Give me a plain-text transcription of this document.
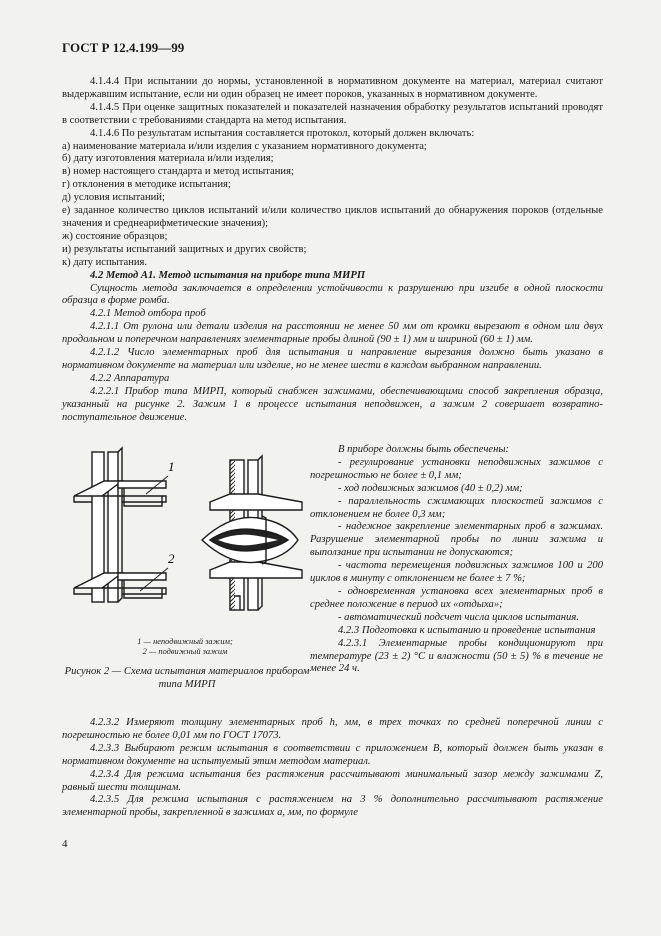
ГОСТ Р 12.4.199—99

4.1.4.4 При испытании до нормы, установленной в нормативном документе на материал, материал считают выдержавшим испытание, если ни один образец не имеет пороков, указанных в нормативном документе.

4.1.4.5 При оценке защитных показателей и показателей назначения обработку результатов испытаний проводят в соответствии с требованиями стандарта на метод испытания.

4.1.4.6 По результатам испытания составляется протокол, который должен включать:

а) наименование материала и/или изделия с указанием нормативного документа;

б) дату изготовления материала и/или изделия;

в) номер настоящего стандарта и метод испытания;

г) отклонения в методике испытания;

д) условия испытаний;

е) заданное количество циклов испытаний и/или количество циклов испытаний до обнаружения пороков (отдельные значения и среднеарифметические значения);

ж) состояние образцов;

и) результаты испытаний защитных и других свойств;

к) дату испытания.

4.2 Метод А1. Метод испытания на приборе типа МИРП

Сущность метода заключается в определении устойчивости к разрушению при изгибе в одной плоскости образца в форме ромба.

4.2.1 Метод отбора проб

4.2.1.1 От рулона или детали изделия на расстоянии не менее 50 мм от кромки вырезают в одном или двух продольном и поперечном направлениях элементарные пробы длиной (90 ± 1) мм и шириной (60 ± 1) мм.

4.2.1.2 Число элементарных проб для испытания и направление вырезания должно быть указано в нормативном документе на материал или изделие, но не менее шести в каждом выбранном направлении.

4.2.2 Аппаратура

4.2.2.1 Прибор типа МИРП, который снабжен зажимами, обеспечивающими способ закрепления образца, указанный на рисунке 2. Зажим 1 в процессе испытания неподвижен, а зажим 2 совершает возвратно-поступательное движение.

1
2
1 — неподвижный зажим;
2 — подвижный зажим
Рисунок 2 — Схема испытания материалов прибором типа МИРП

В приборе должны быть обеспечены:

- регулирование установки неподвижных зажимов с погрешностью не более ± 0,1 мм;

- ход подвижных зажимов (40 ± 0,2) мм;

- параллельность сжимающих плоскостей зажимов с отклонением не более 0,3 мм;

- надежное закрепление элементарных проб в зажимах. Разрушение элементарной пробы по линии зажима и выползание при испытании не допускаются;

- частота перемещения подвижных зажимов 100 и 200 циклов в минуту с отклонением не более ± 7 %;

- одновременная установка всех элементарных проб в среднее положение в период их «отдыха»;

- автоматический подсчет числа циклов испытания.

4.2.3 Подготовка к испытанию и проведение испытания

4.2.3.1 Элементарные пробы кондиционируют при температуре (23 ± 2) °С и влажности (50 ± 5) % в течение не менее 24 ч.

4.2.3.2 Измеряют толщину элементарных проб h, мм, в трех точках по средней поперечной линии с погрешностью не более 0,01 мм по ГОСТ 17073.

4.2.3.3 Выбирают режим испытания в соответствии с приложением В, который должен быть указан в нормативном документе на испытуемый этим методом материал.

4.2.3.4 Для режима испытания без растяжения рассчитывают минимальный зазор между зажимами Z, равный шести толщинам.

4.2.3.5 Для режима испытания с растяжением на 3 % дополнительно рассчитывают растяжение элементарной пробы, закрепленной в зажимах а, мм, по формуле

4
